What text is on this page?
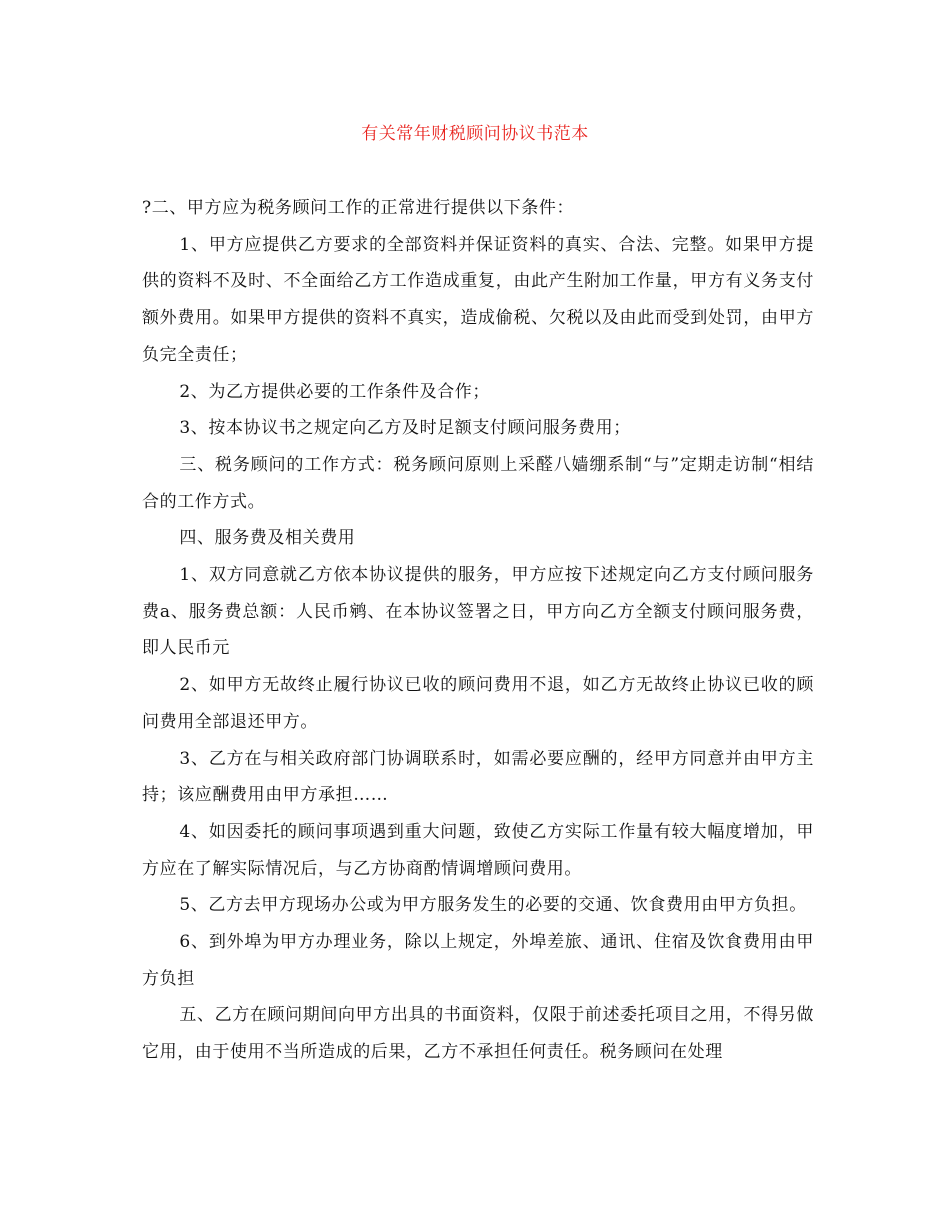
有关常年财税顾问协议书范本

?二、甲方应为税务顾问工作的正常进行提供以下条件：

1、甲方应提供乙方要求的全部资料并保证资料的真实、合法、完整。如果甲方提供的资料不及时、不全面给乙方工作造成重复，由此产生附加工作量，甲方有义务支付额外费用。如果甲方提供的资料不真实，造成偷税、欠税以及由此而受到处罚，由甲方负完全责任；

2、为乙方提供必要的工作条件及合作；

3、按本协议书之规定向乙方及时足额支付顾问服务费用；

三、税务顾问的工作方式：税务顾问原则上采醛八嫱绷系制“与”定期走访制“相结合的工作方式。

四、服务费及相关费用

1、双方同意就乙方依本协议提供的服务，甲方应按下述规定向乙方支付顾问服务费a、服务费总额：人民币鹓、在本协议签署之日，甲方向乙方全额支付顾问服务费，即人民币元

2、如甲方无故终止履行协议已收的顾问费用不退，如乙方无故终止协议已收的顾问费用全部退还甲方。

3、乙方在与相关政府部门协调联系时，如需必要应酬的，经甲方同意并由甲方主持；该应酬费用由甲方承担……

4、如因委托的顾问事项遇到重大问题，致使乙方实际工作量有较大幅度增加，甲方应在了解实际情况后，与乙方协商酌情调增顾问费用。

5、乙方去甲方现场办公或为甲方服务发生的必要的交通、饮食费用由甲方负担。

6、到外埠为甲方办理业务，除以上规定，外埠差旅、通讯、住宿及饮食费用由甲方负担

五、乙方在顾问期间向甲方出具的书面资料，仅限于前述委托项目之用，不得另做它用，由于使用不当所造成的后果，乙方不承担任何责任。税务顾问在处理
